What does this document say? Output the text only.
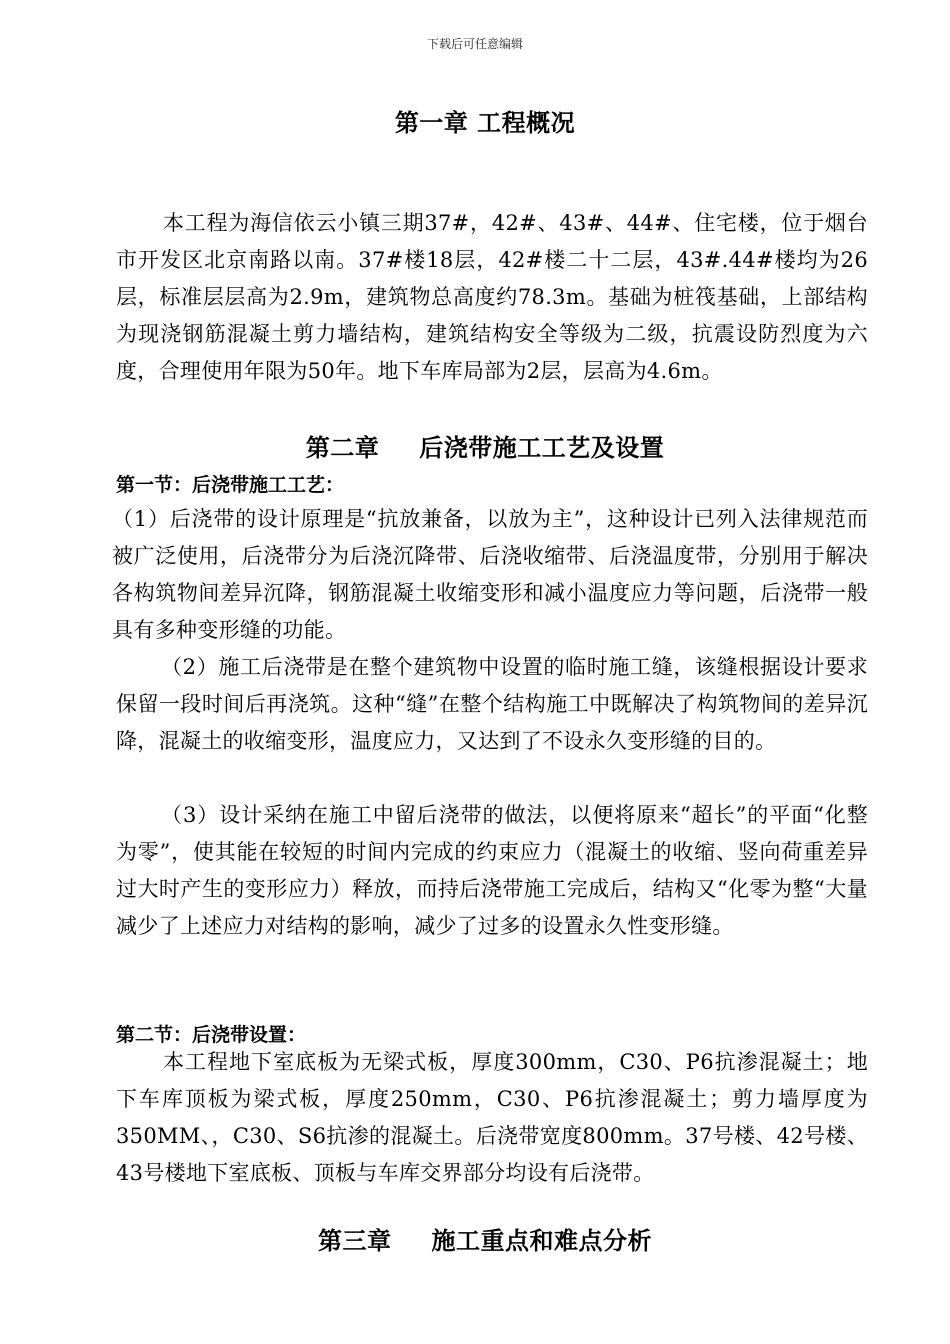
下载后可任意编辑
第一章 工程概况
本工程为海信依云小镇三期37#，42#、43#、44#、住宅楼，位于烟台市开发区北京南路以南。37#楼18层，42#楼二十二层，43#.44#楼均为26层，标准层层高为2.9m，建筑物总高度约78.3m。基础为桩筏基础，上部结构为现浇钢筋混凝土剪力墙结构，建筑结构安全等级为二级，抗震设防烈度为六度，合理使用年限为50年。地下车库局部为2层，层高为4.6m。
第二章 后浇带施工工艺及设置
第一节：后浇带施工工艺：
（1）后浇带的设计原理是“抗放兼备，以放为主”，这种设计已列入法律规范而被广泛使用，后浇带分为后浇沉降带、后浇收缩带、后浇温度带，分别用于解决各构筑物间差异沉降，钢筋混凝土收缩变形和减小温度应力等问题，后浇带一般具有多种变形缝的功能。
（2）施工后浇带是在整个建筑物中设置的临时施工缝，该缝根据设计要求保留一段时间后再浇筑。这种“缝”在整个结构施工中既解决了构筑物间的差异沉降，混凝土的收缩变形，温度应力，又达到了不设永久变形缝的目的。
（3）设计采纳在施工中留后浇带的做法，以便将原来“超长”的平面“化整为零”，使其能在较短的时间内完成的约束应力（混凝土的收缩、竖向荷重差异过大时产生的变形应力）释放，而持后浇带施工完成后，结构又“化零为整“大量减少了上述应力对结构的影响，减少了过多的设置永久性变形缝。
第二节：后浇带设置：
本工程地下室底板为无梁式板，厚度300mm，C30、P6抗渗混凝土；地下车库顶板为梁式板，厚度250mm，C30、P6抗渗混凝土；剪力墙厚度为350MM、，C30、S6抗渗的混凝土。后浇带宽度800mm。37号楼、42号楼、43号楼地下室底板、顶板与车库交界部分均设有后浇带。
第三章 施工重点和难点分析
